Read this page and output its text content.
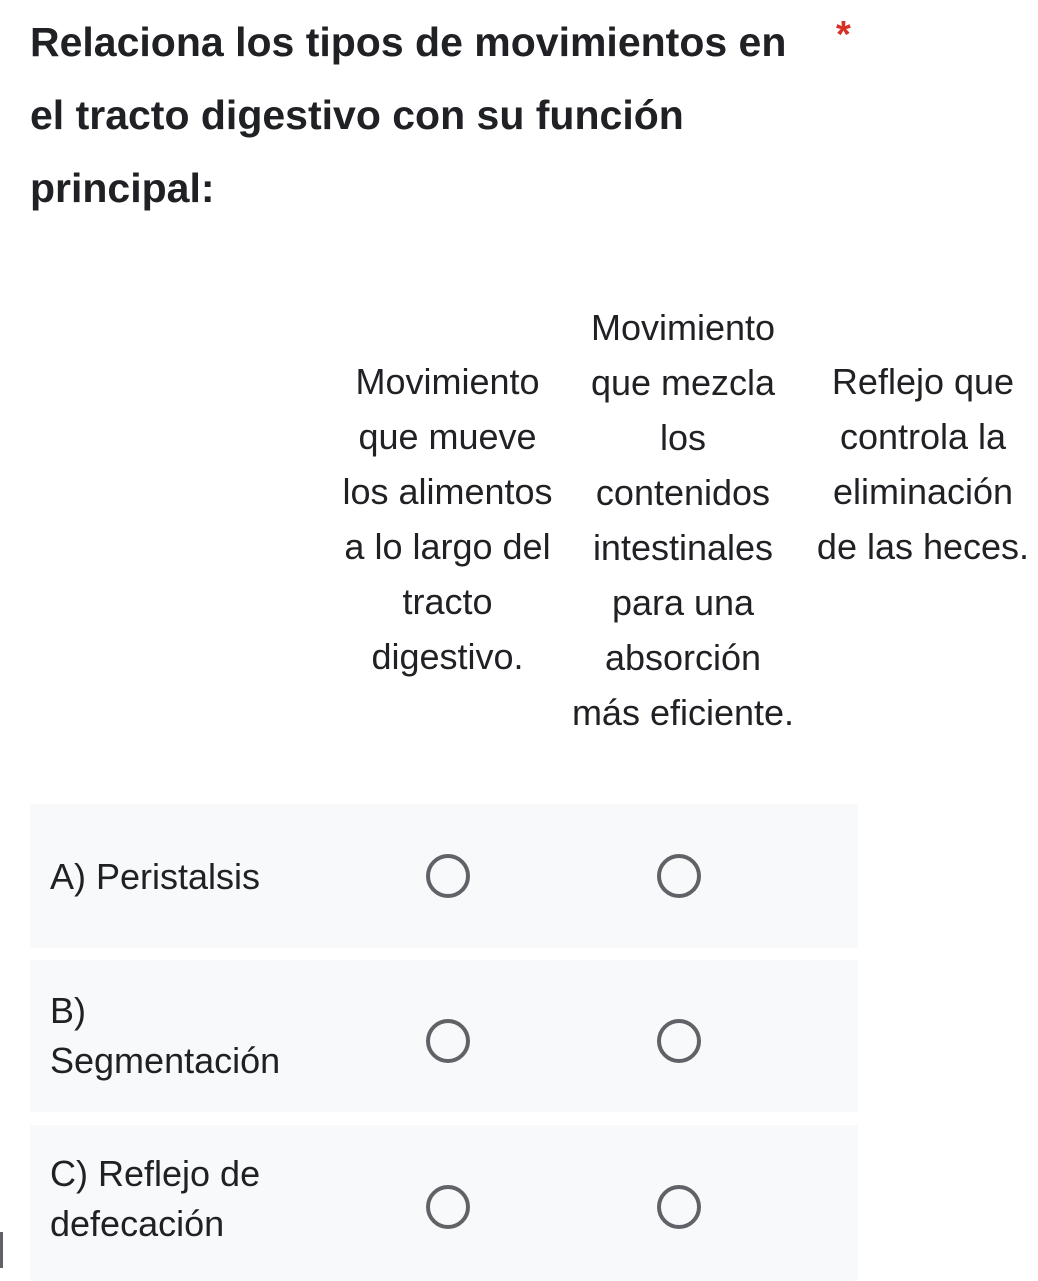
Relaciona los tipos de movimientos en el tracto digestivo con su función principal:
*
Movimiento que mueve los alimentos a lo largo del tracto digestivo.
Movimiento que mezcla los contenidos intestinales para una absorción más eficiente.
Reflejo que controla la eliminación de las heces.
A) Peristalsis
B) Segmentación
C) Reflejo de defecación
